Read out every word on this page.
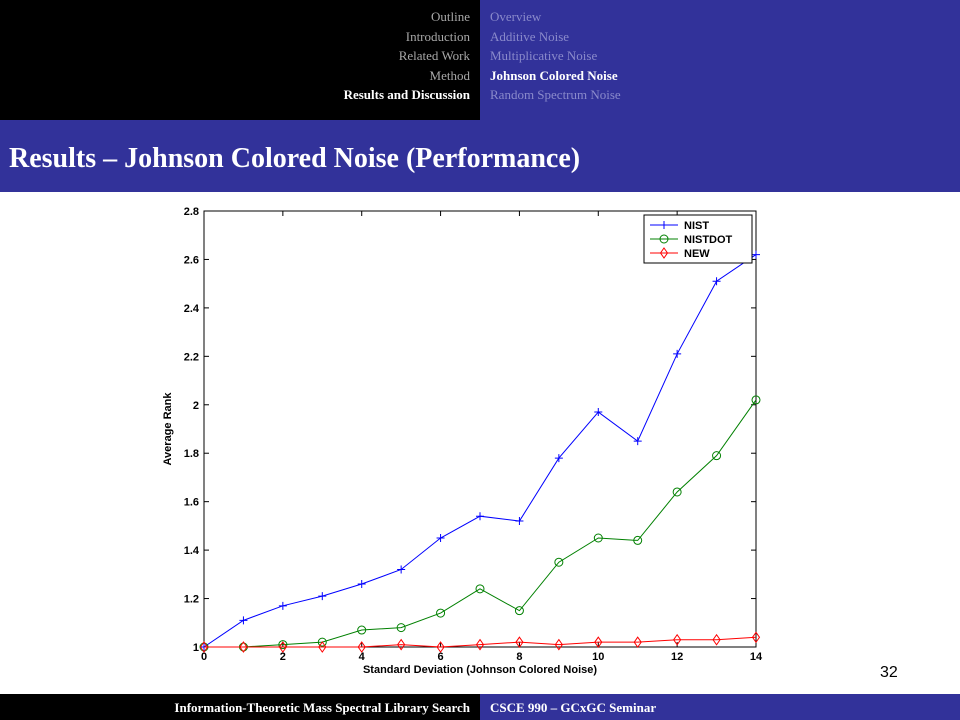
Outline
Introduction
Related Work
Method
Results and Discussion
Overview
Additive Noise
Multiplicative Noise
Johnson Colored Noise
Random Spectrum Noise
Results – Johnson Colored Noise (Performance)
0	2	4	6	8	10	12	14
1
1.2
1.4
1.6
1.8
2
2.2
2.4
2.6
2.8
Standard Deviation (Johnson Colored Noise)
Average Rank
NIST
NISTDOT
NEW
32
Information-Theoretic Mass Spectral Library Search CSCE 990 – GCxGC Seminar
